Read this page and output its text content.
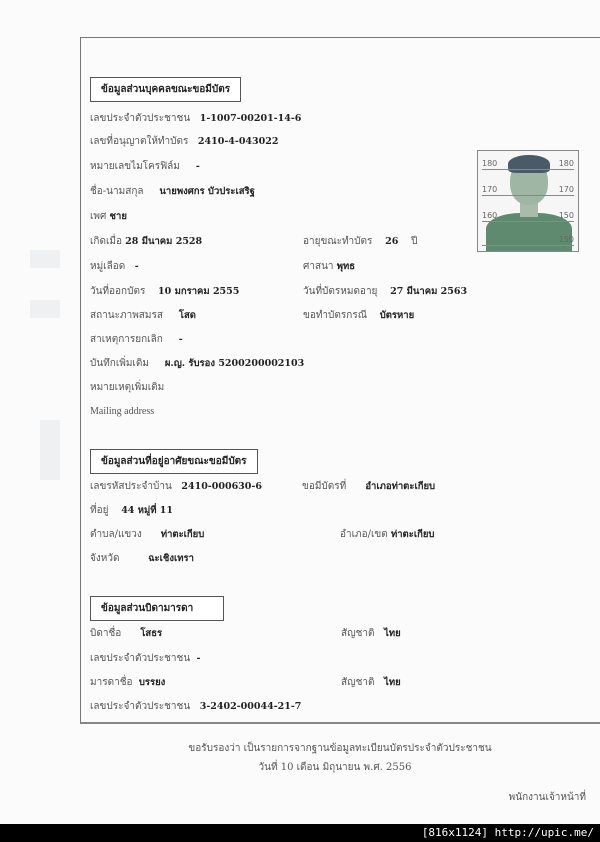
ข้อมูลส่วนบุคคลขณะขอมีบัตร
เลขประจำตัวประชาชน 1-1007-00201-14-6
เลขที่อนุญาตให้ทำบัตร 2410-4-043022
หมายเลขไมโครฟิล์ม -
ชื่อ-นามสกุล นายพงศกร บัวประเสริฐ
เพศ ชาย
เกิดเมื่อ 28 มีนาคม 2528	อายุขณะทำบัตร 26 ปี
หมู่เลือด -	ศาสนา พุทธ
วันที่ออกบัตร 10 มกราคม 2555	วันที่บัตรหมดอายุ 27 มีนาคม 2563
สถานะภาพสมรส โสด	ขอทำบัตรกรณี บัตรหาย
สาเหตุการยกเลิก -
บันทึกเพิ่มเติม ผ.ญ. รับรอง 5200200002103
หมายเหตุเพิ่มเติม
Mailing address
180	180
170	170
160	150
150
ข้อมูลส่วนที่อยู่อาศัยขณะขอมีบัตร
เลขรหัสประจำบ้าน 2410-000630-6	ขอมีบัตรที่ อำเภอท่าตะเกียบ
ที่อยู่ 44 หมู่ที่ 11
ตำบล/แขวง ท่าตะเกียบ	อำเภอ/เขต ท่าตะเกียบ
จังหวัด	ฉะเชิงเทรา
ข้อมูลส่วนบิดามารดา
บิดาชื่อ โสธร	สัญชาติ ไทย
เลขประจำตัวประชาชน -
มารดาชื่อ บรรยง	สัญชาติ ไทย
เลขประจำตัวประชาชน 3-2402-00044-21-7
ขอรับรองว่า เป็นรายการจากฐานข้อมูลทะเบียนบัตรประจำตัวประชาชน
วันที่ 10 เดือน มิถุนายน พ.ศ. 2556
พนักงานเจ้าหน้าที่
[816x1124] http://upic.me/
